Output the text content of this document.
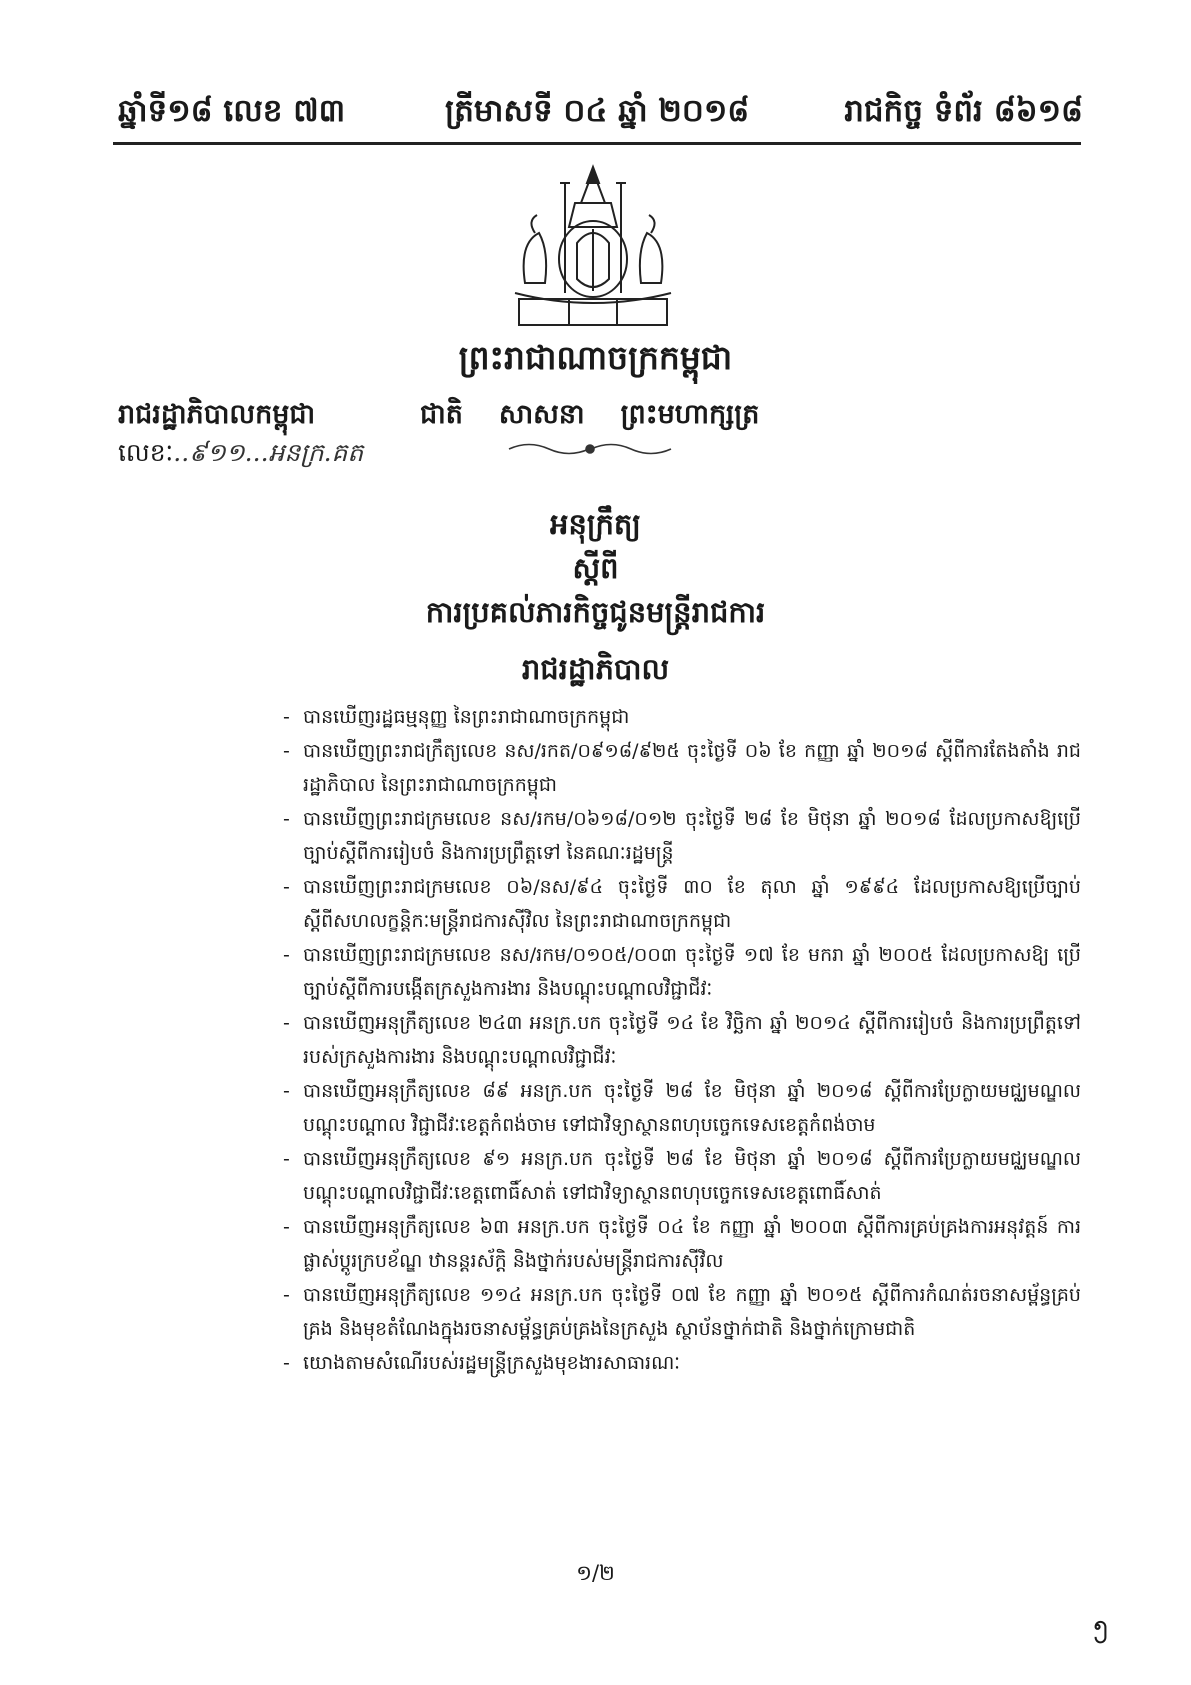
ឆ្នាំទី១៨ លេខ ៧៣	ត្រីមាសទី ០៤ ឆ្នាំ ២០១៨	រាជកិច្ច ទំព័រ ៨៦១៨
ព្រះរាជាណាចក្រកម្ពុជា
រាជរដ្ឋាភិបាលកម្ពុជា
លេខៈ..៩១១...អនក្រ.គត
ជាតិ សាសនា ព្រះមហាក្សត្រ
អនុក្រឹត្យ
ស្ដីពី
ការប្រគល់ភារកិច្ចជូនមន្ត្រីរាជការ
រាជរដ្ឋាភិបាល
- បានឃើញរដ្ឋធម្មនុញ្ញ នៃព្រះរាជាណាចក្រកម្ពុជា
- បានឃើញព្រះរាជក្រឹត្យលេខ នស/រកត/០៩១៨/៩២៥ ចុះថ្ងៃទី ០៦ ខែ កញ្ញា ឆ្នាំ ២០១៨ ស្ដីពីការតែងតាំង រាជរដ្ឋាភិបាល នៃព្រះរាជាណាចក្រកម្ពុជា
- បានឃើញព្រះរាជក្រមលេខ នស/រកម/០៦១៨/០១២ ចុះថ្ងៃទី ២៨ ខែ មិថុនា ឆ្នាំ ២០១៨ ដែលប្រកាសឱ្យប្រើ ច្បាប់ស្ដីពីការរៀបចំ និងការប្រព្រឹត្តទៅ នៃគណៈរដ្ឋមន្ត្រី
- បានឃើញព្រះរាជក្រមលេខ ០៦/នស/៩៤ ចុះថ្ងៃទី ៣០ ខែ តុលា ឆ្នាំ ១៩៩៤ ដែលប្រកាសឱ្យប្រើច្បាប់ ស្ដីពីសហលក្ខន្តិកៈមន្ត្រីរាជការស៊ីវិល នៃព្រះរាជាណាចក្រកម្ពុជា
- បានឃើញព្រះរាជក្រមលេខ នស/រកម/០១០៥/០០៣ ចុះថ្ងៃទី ១៧ ខែ មករា ឆ្នាំ ២០០៥ ដែលប្រកាសឱ្យ ប្រើច្បាប់ស្ដីពីការបង្កើតក្រសួងការងារ និងបណ្ដុះបណ្ដាលវិជ្ជាជីវៈ
- បានឃើញអនុក្រឹត្យលេខ ២៤៣ អនក្រ.បក ចុះថ្ងៃទី ១៤ ខែ វិច្ឆិកា ឆ្នាំ ២០១៤ ស្ដីពីការរៀបចំ និងការប្រព្រឹត្តទៅ របស់ក្រសួងការងារ និងបណ្ដុះបណ្ដាលវិជ្ជាជីវៈ
- បានឃើញអនុក្រឹត្យលេខ ៨៩ អនក្រ.បក ចុះថ្ងៃទី ២៨ ខែ មិថុនា ឆ្នាំ ២០១៨ ស្ដីពីការប្រែក្លាយមជ្ឈមណ្ឌល បណ្ដុះបណ្ដាល វិជ្ជាជីវៈខេត្តកំពង់ចាម ទៅជាវិទ្យាស្ថានពហុបច្ចេកទេសខេត្តកំពង់ចាម
- បានឃើញអនុក្រឹត្យលេខ ៩១ អនក្រ.បក ចុះថ្ងៃទី ២៨ ខែ មិថុនា ឆ្នាំ ២០១៨ ស្ដីពីការប្រែក្លាយមជ្ឈមណ្ឌល បណ្ដុះបណ្ដាលវិជ្ជាជីវៈខេត្តពោធិ៍សាត់ ទៅជាវិទ្យាស្ថានពហុបច្ចេកទេសខេត្តពោធិ៍សាត់
- បានឃើញអនុក្រឹត្យលេខ ៦៣ អនក្រ.បក ចុះថ្ងៃទី ០៤ ខែ កញ្ញា ឆ្នាំ ២០០៣ ស្ដីពីការគ្រប់គ្រងការអនុវត្តន៍ ការផ្លាស់ប្ដូរក្របខ័ណ្ឌ ឋានន្តរស័ក្ដិ និងថ្នាក់របស់មន្ត្រីរាជការស៊ីវិល
- បានឃើញអនុក្រឹត្យលេខ ១១៤ អនក្រ.បក ចុះថ្ងៃទី ០៧ ខែ កញ្ញា ឆ្នាំ ២០១៥ ស្ដីពីការកំណត់រចនាសម្ព័ន្ធគ្រប់គ្រង និងមុខតំណែងក្នុងរចនាសម្ព័ន្ធគ្រប់គ្រងនៃក្រសួង ស្ថាប័នថ្នាក់ជាតិ និងថ្នាក់ក្រោមជាតិ
- យោងតាមសំណើរបស់រដ្ឋមន្ត្រីក្រសួងមុខងារសាធារណៈ
១/២
၅
